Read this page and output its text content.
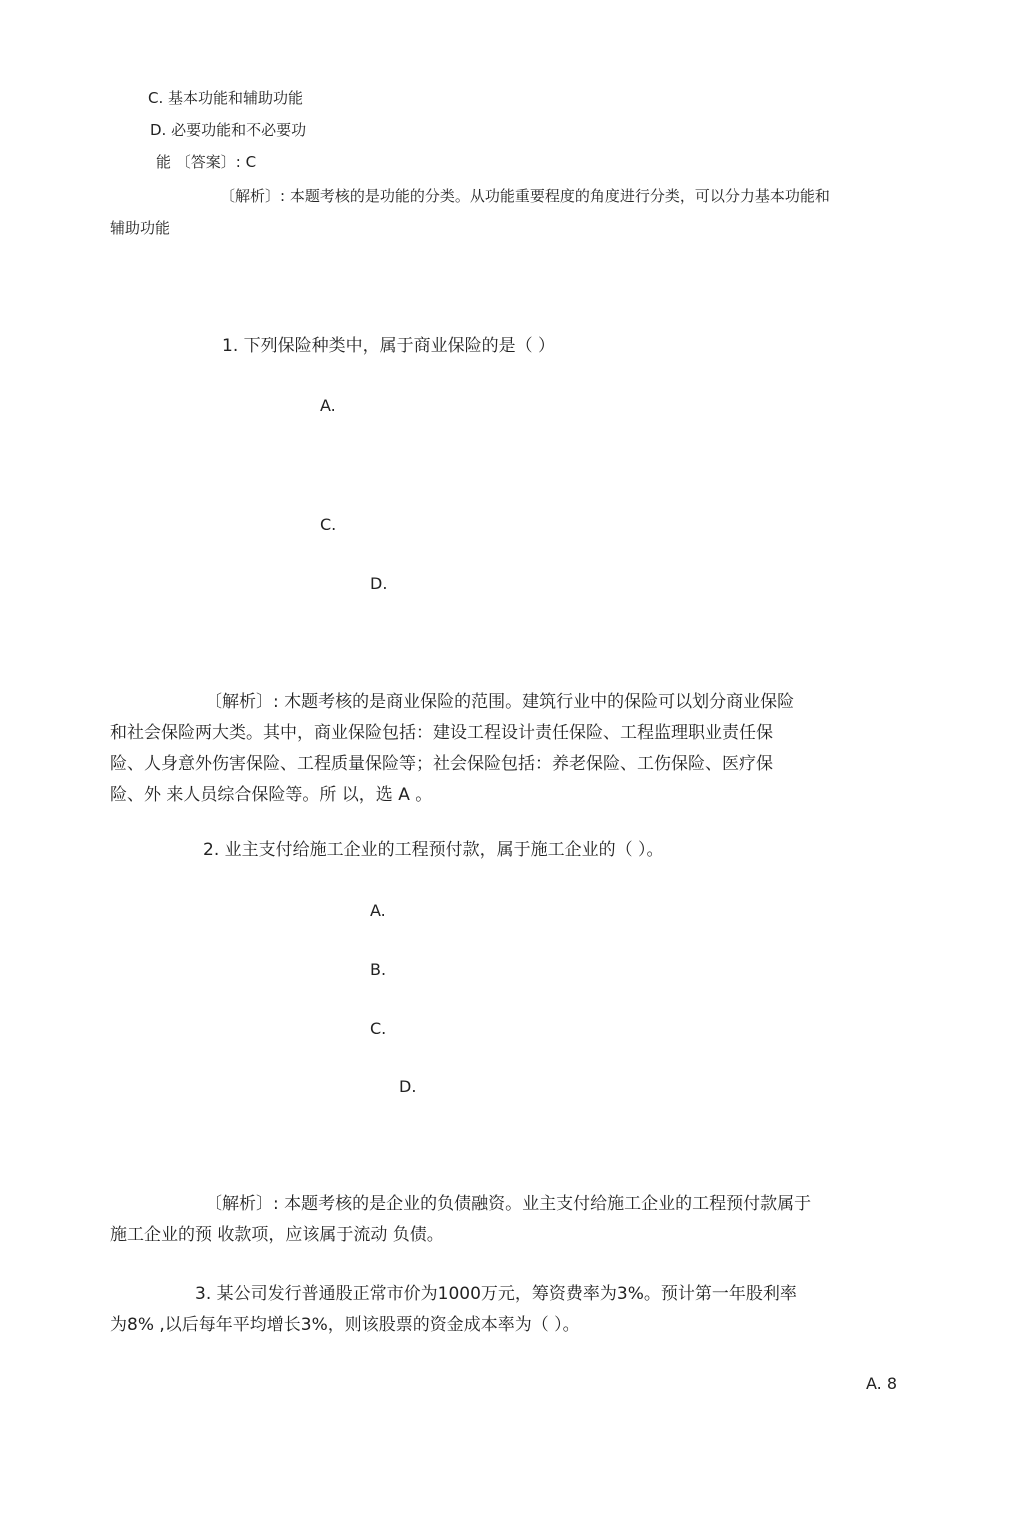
C. 基本功能和辅助功能
D. 必要功能和不必要功
能 〔答案〕: C
〔解析〕: 本题考核的是功能的分类。从功能重要程度的角度进行分类，可以分力基本功能和
辅助功能
1. 下列保险种类中，属于商业保险的是（ ）
A.
C.
D.
〔解析〕: 木题考核的是商业保险的范围。建筑行业中的保险可以划分商业保险
和社会保险两大类。其中，商业保险包括：建设工程设计责任保险、工程监理职业责任保
险、人身意外伤害保险、工程质量保险等；社会保险包括：养老保险、工伤保险、医疗保
险、外 来人员综合保险等。所 以，选 A 。
2. 业主支付给施工企业的工程预付款，属于施工企业的（ ）。
A.
B.
C.
D.
〔解析〕: 本题考核的是企业的负债融资。业主支付给施工企业的工程预付款属于
施工企业的预 收款项，应该属于流动 负债。
3. 某公司发行普通股正常市价为1000万元，筹资费率为3%。预计第一年股利率
为8% ,以后每年平均增长3%，则该股票的资金成本率为（ ）。
A. 8
